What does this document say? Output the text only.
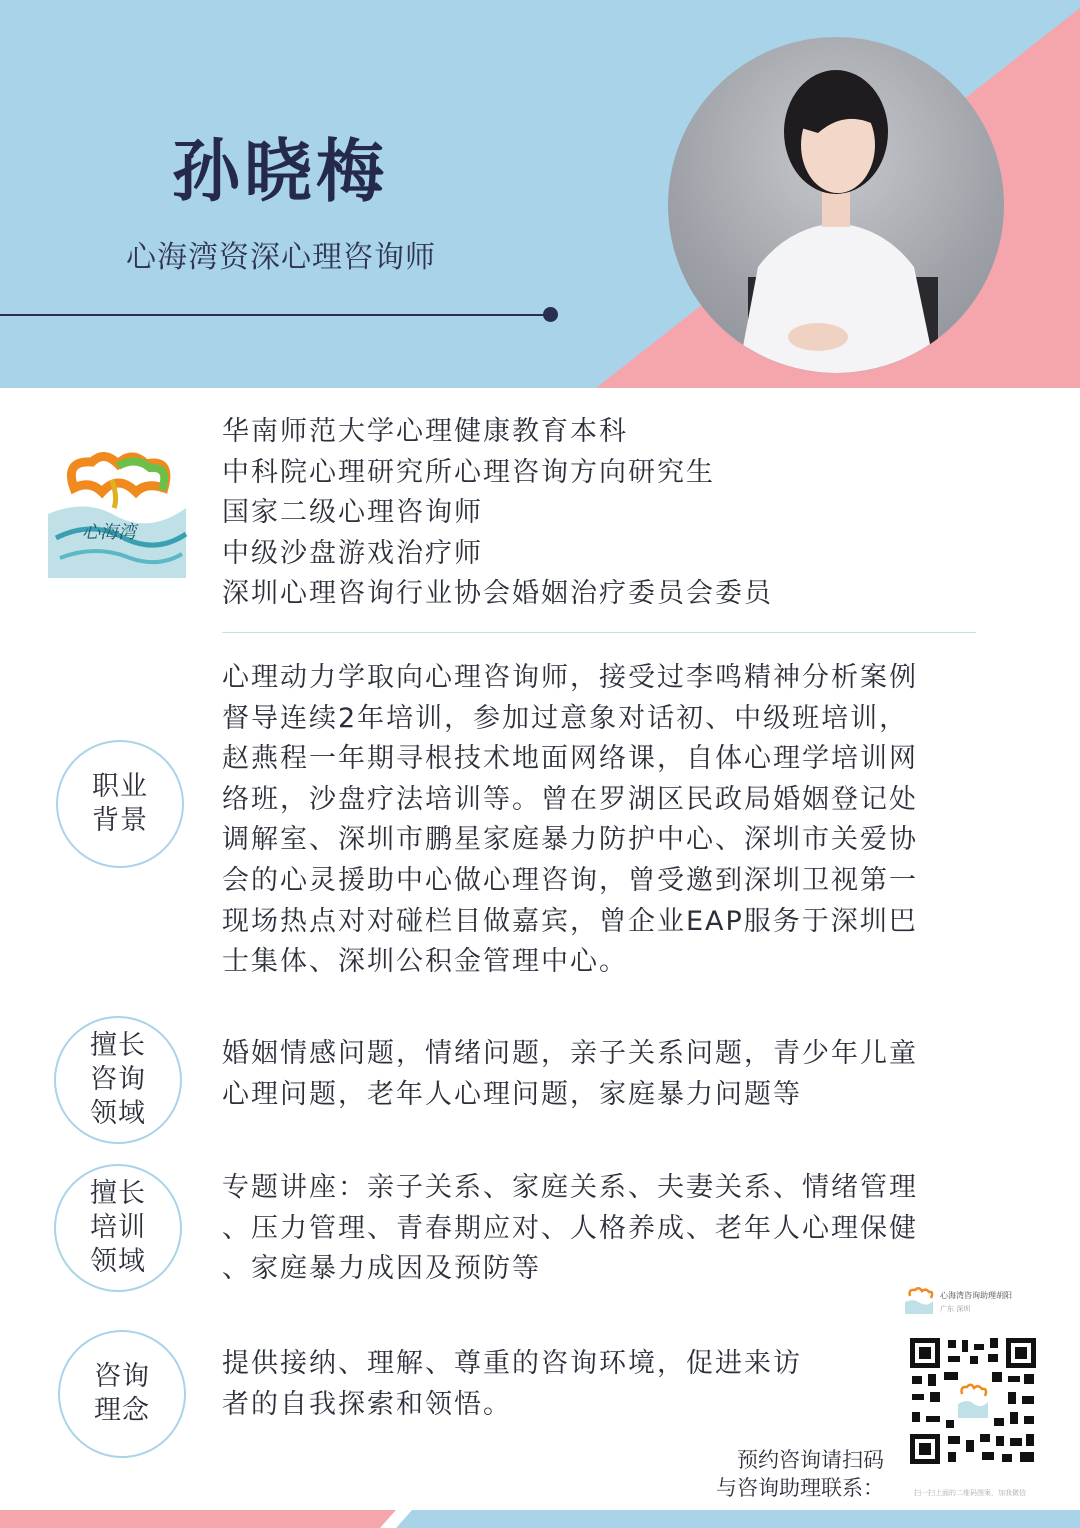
孙晓梅
心海湾资深心理咨询师
心海湾
华南师范大学心理健康教育本科
中科院心理研究所心理咨询方向研究生
国家二级心理咨询师
中级沙盘游戏治疗师
深圳心理咨询行业协会婚姻治疗委员会委员
职业
背景
心理动力学取向心理咨询师，接受过李鸣精神分析案例
督导连续2年培训，参加过意象对话初、中级班培训，
赵燕程一年期寻根技术地面网络课，自体心理学培训网
络班，沙盘疗法培训等。曾在罗湖区民政局婚姻登记处
调解室、深圳市鹏星家庭暴力防护中心、深圳市关爱协
会的心灵援助中心做心理咨询，曾受邀到深圳卫视第一
现场热点对对碰栏目做嘉宾，曾企业EAP服务于深圳巴
士集体、深圳公积金管理中心。
擅长
咨询
领域
婚姻情感问题，情绪问题，亲子关系问题，青少年儿童
心理问题，老年人心理问题，家庭暴力问题等
擅长
培训
领域
专题讲座：亲子关系、家庭关系、夫妻关系、情绪管理
、压力管理、青春期应对、人格养成、老年人心理保健
、家庭暴力成因及预防等
咨询
理念
提供接纳、理解、尊重的咨询环境，促进来访
者的自我探索和领悟。
心海湾咨询助理胡阳
广东 深圳
扫一扫上面的二维码图案，加我微信
预约咨询请扫码
与咨询助理联系：
